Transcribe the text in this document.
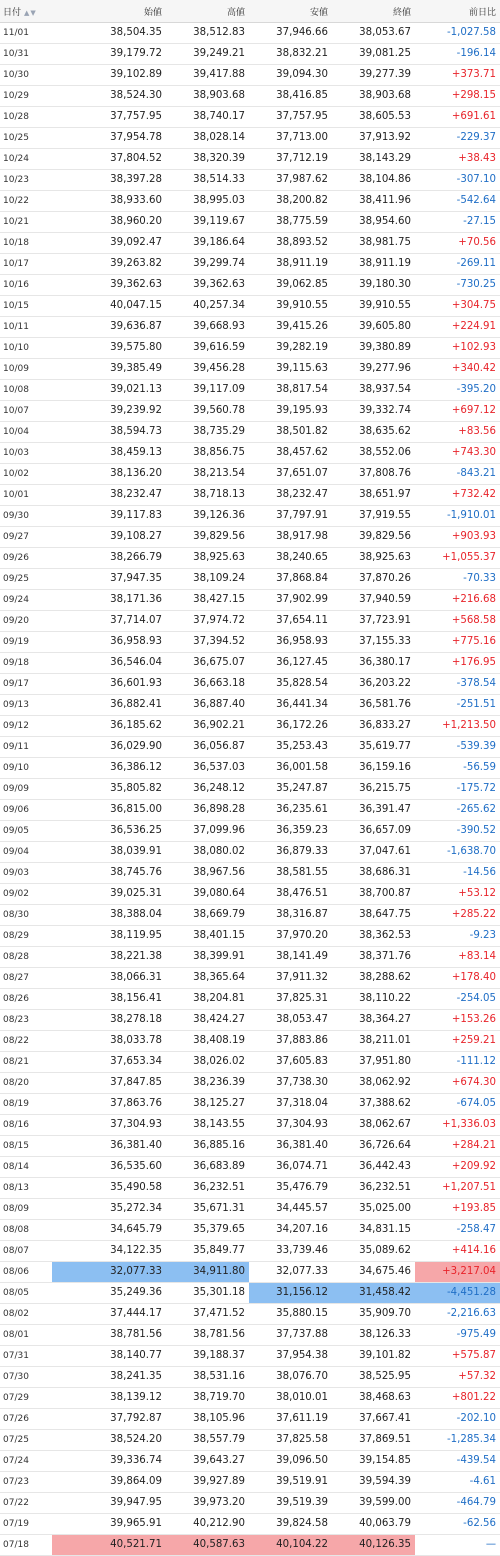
日付 ▲▼	始値	高値	安値	終値	前日比
11/01	38,504.35	38,512.83	37,946.66	38,053.67	-1,027.58
10/31	39,179.72	39,249.21	38,832.21	39,081.25	-196.14
10/30	39,102.89	39,417.88	39,094.30	39,277.39	+373.71
10/29	38,524.30	38,903.68	38,416.85	38,903.68	+298.15
10/28	37,757.95	38,740.17	37,757.95	38,605.53	+691.61
10/25	37,954.78	38,028.14	37,713.00	37,913.92	-229.37
10/24	37,804.52	38,320.39	37,712.19	38,143.29	+38.43
10/23	38,397.28	38,514.33	37,987.62	38,104.86	-307.10
10/22	38,933.60	38,995.03	38,200.82	38,411.96	-542.64
10/21	38,960.20	39,119.67	38,775.59	38,954.60	-27.15
10/18	39,092.47	39,186.64	38,893.52	38,981.75	+70.56
10/17	39,263.82	39,299.74	38,911.19	38,911.19	-269.11
10/16	39,362.63	39,362.63	39,062.85	39,180.30	-730.25
10/15	40,047.15	40,257.34	39,910.55	39,910.55	+304.75
10/11	39,636.87	39,668.93	39,415.26	39,605.80	+224.91
10/10	39,575.80	39,616.59	39,282.19	39,380.89	+102.93
10/09	39,385.49	39,456.28	39,115.63	39,277.96	+340.42
10/08	39,021.13	39,117.09	38,817.54	38,937.54	-395.20
10/07	39,239.92	39,560.78	39,195.93	39,332.74	+697.12
10/04	38,594.73	38,735.29	38,501.82	38,635.62	+83.56
10/03	38,459.13	38,856.75	38,457.62	38,552.06	+743.30
10/02	38,136.20	38,213.54	37,651.07	37,808.76	-843.21
10/01	38,232.47	38,718.13	38,232.47	38,651.97	+732.42
09/30	39,117.83	39,126.36	37,797.91	37,919.55	-1,910.01
09/27	39,108.27	39,829.56	38,917.98	39,829.56	+903.93
09/26	38,266.79	38,925.63	38,240.65	38,925.63	+1,055.37
09/25	37,947.35	38,109.24	37,868.84	37,870.26	-70.33
09/24	38,171.36	38,427.15	37,902.99	37,940.59	+216.68
09/20	37,714.07	37,974.72	37,654.11	37,723.91	+568.58
09/19	36,958.93	37,394.52	36,958.93	37,155.33	+775.16
09/18	36,546.04	36,675.07	36,127.45	36,380.17	+176.95
09/17	36,601.93	36,663.18	35,828.54	36,203.22	-378.54
09/13	36,882.41	36,887.40	36,441.34	36,581.76	-251.51
09/12	36,185.62	36,902.21	36,172.26	36,833.27	+1,213.50
09/11	36,029.90	36,056.87	35,253.43	35,619.77	-539.39
09/10	36,386.12	36,537.03	36,001.58	36,159.16	-56.59
09/09	35,805.82	36,248.12	35,247.87	36,215.75	-175.72
09/06	36,815.00	36,898.28	36,235.61	36,391.47	-265.62
09/05	36,536.25	37,099.96	36,359.23	36,657.09	-390.52
09/04	38,039.91	38,080.02	36,879.33	37,047.61	-1,638.70
09/03	38,745.76	38,967.56	38,581.55	38,686.31	-14.56
09/02	39,025.31	39,080.64	38,476.51	38,700.87	+53.12
08/30	38,388.04	38,669.79	38,316.87	38,647.75	+285.22
08/29	38,119.95	38,401.15	37,970.20	38,362.53	-9.23
08/28	38,221.38	38,399.91	38,141.49	38,371.76	+83.14
08/27	38,066.31	38,365.64	37,911.32	38,288.62	+178.40
08/26	38,156.41	38,204.81	37,825.31	38,110.22	-254.05
08/23	38,278.18	38,424.27	38,053.47	38,364.27	+153.26
08/22	38,033.78	38,408.19	37,883.86	38,211.01	+259.21
08/21	37,653.34	38,026.02	37,605.83	37,951.80	-111.12
08/20	37,847.85	38,236.39	37,738.30	38,062.92	+674.30
08/19	37,863.76	38,125.27	37,318.04	37,388.62	-674.05
08/16	37,304.93	38,143.55	37,304.93	38,062.67	+1,336.03
08/15	36,381.40	36,885.16	36,381.40	36,726.64	+284.21
08/14	36,535.60	36,683.89	36,074.71	36,442.43	+209.92
08/13	35,490.58	36,232.51	35,476.79	36,232.51	+1,207.51
08/09	35,272.34	35,671.31	34,445.57	35,025.00	+193.85
08/08	34,645.79	35,379.65	34,207.16	34,831.15	-258.47
08/07	34,122.35	35,849.77	33,739.46	35,089.62	+414.16
08/06	32,077.33	34,911.80	32,077.33	34,675.46	+3,217.04
08/05	35,249.36	35,301.18	31,156.12	31,458.42	-4,451.28
08/02	37,444.17	37,471.52	35,880.15	35,909.70	-2,216.63
08/01	38,781.56	38,781.56	37,737.88	38,126.33	-975.49
07/31	38,140.77	39,188.37	37,954.38	39,101.82	+575.87
07/30	38,241.35	38,531.16	38,076.70	38,525.95	+57.32
07/29	38,139.12	38,719.70	38,010.01	38,468.63	+801.22
07/26	37,792.87	38,105.96	37,611.19	37,667.41	-202.10
07/25	38,524.20	38,557.79	37,825.58	37,869.51	-1,285.34
07/24	39,336.74	39,643.27	39,096.50	39,154.85	-439.54
07/23	39,864.09	39,927.89	39,519.91	39,594.39	-4.61
07/22	39,947.95	39,973.20	39,519.39	39,599.00	-464.79
07/19	39,965.91	40,212.90	39,824.58	40,063.79	-62.56
07/18	40,521.71	40,587.63	40,104.22	40,126.35	—
